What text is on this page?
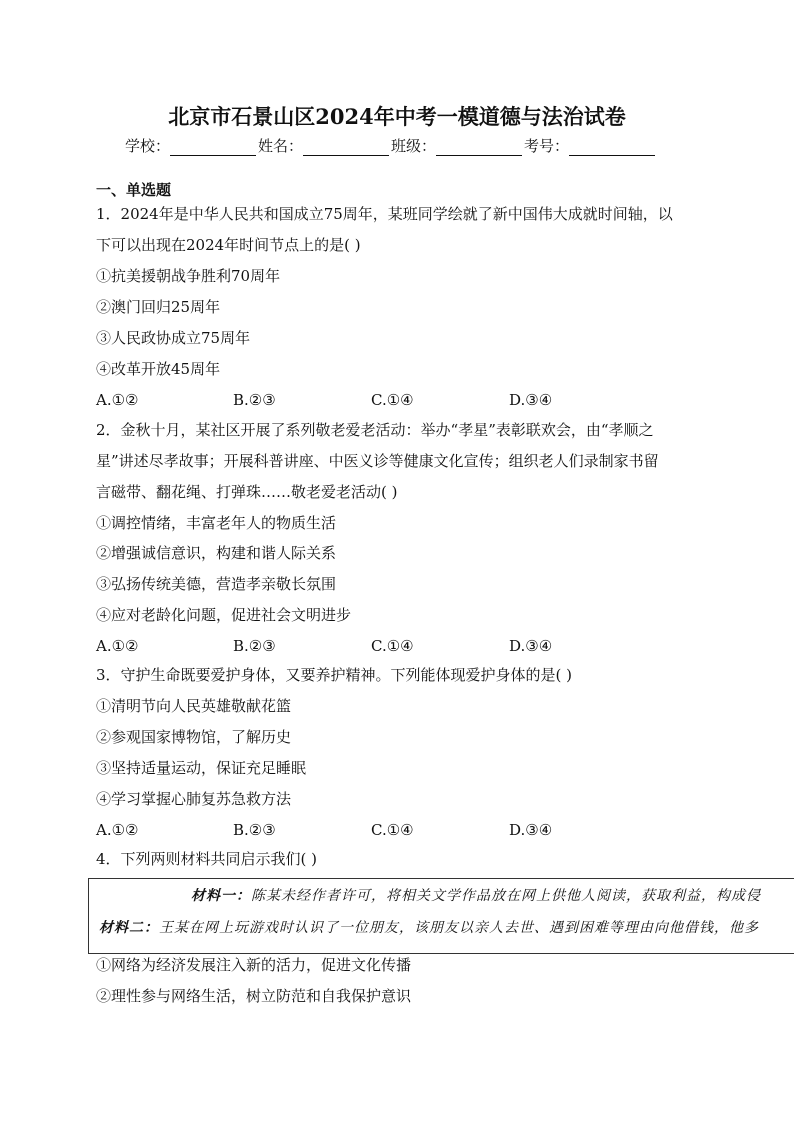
北京市石景山区2024年中考一模道德与法治试卷
学校：	姓名：	班级：	考号：
一、单选题
1．2024年是中华人民共和国成立75周年，某班同学绘就了新中国伟大成就时间轴，以
下可以出现在2024年时间节点上的是( )
①抗美援朝战争胜利70周年
②澳门回归25周年
③人民政协成立75周年
④改革开放45周年
A.①②	B.②③	C.①④	D.③④
2．金秋十月，某社区开展了系列敬老爱老活动：举办“孝星”表彰联欢会，由“孝顺之
星”讲述尽孝故事；开展科普讲座、中医义诊等健康文化宣传；组织老人们录制家书留
言磁带、翻花绳、打弹珠……敬老爱老活动( )
①调控情绪，丰富老年人的物质生活
②增强诚信意识，构建和谐人际关系
③弘扬传统美德，营造孝亲敬长氛围
④应对老龄化问题，促进社会文明进步
A.①②	B.②③	C.①④	D.③④
3．守护生命既要爱护身体，又要养护精神。下列能体现爱护身体的是( )
①清明节向人民英雄敬献花篮
②参观国家博物馆，了解历史
③坚持适量运动，保证充足睡眠
④学习掌握心肺复苏急救方法
A.①②	B.②③	C.①④	D.③④
4．下列两则材料共同启示我们( )
材料一：陈某未经作者许可，将相关文学作品放在网上供他人阅读，获取利益，构成侵
材料二：王某在网上玩游戏时认识了一位朋友，该朋友以亲人去世、遇到困难等理由向他借钱，他多
①网络为经济发展注入新的活力，促进文化传播
②理性参与网络生活，树立防范和自我保护意识
